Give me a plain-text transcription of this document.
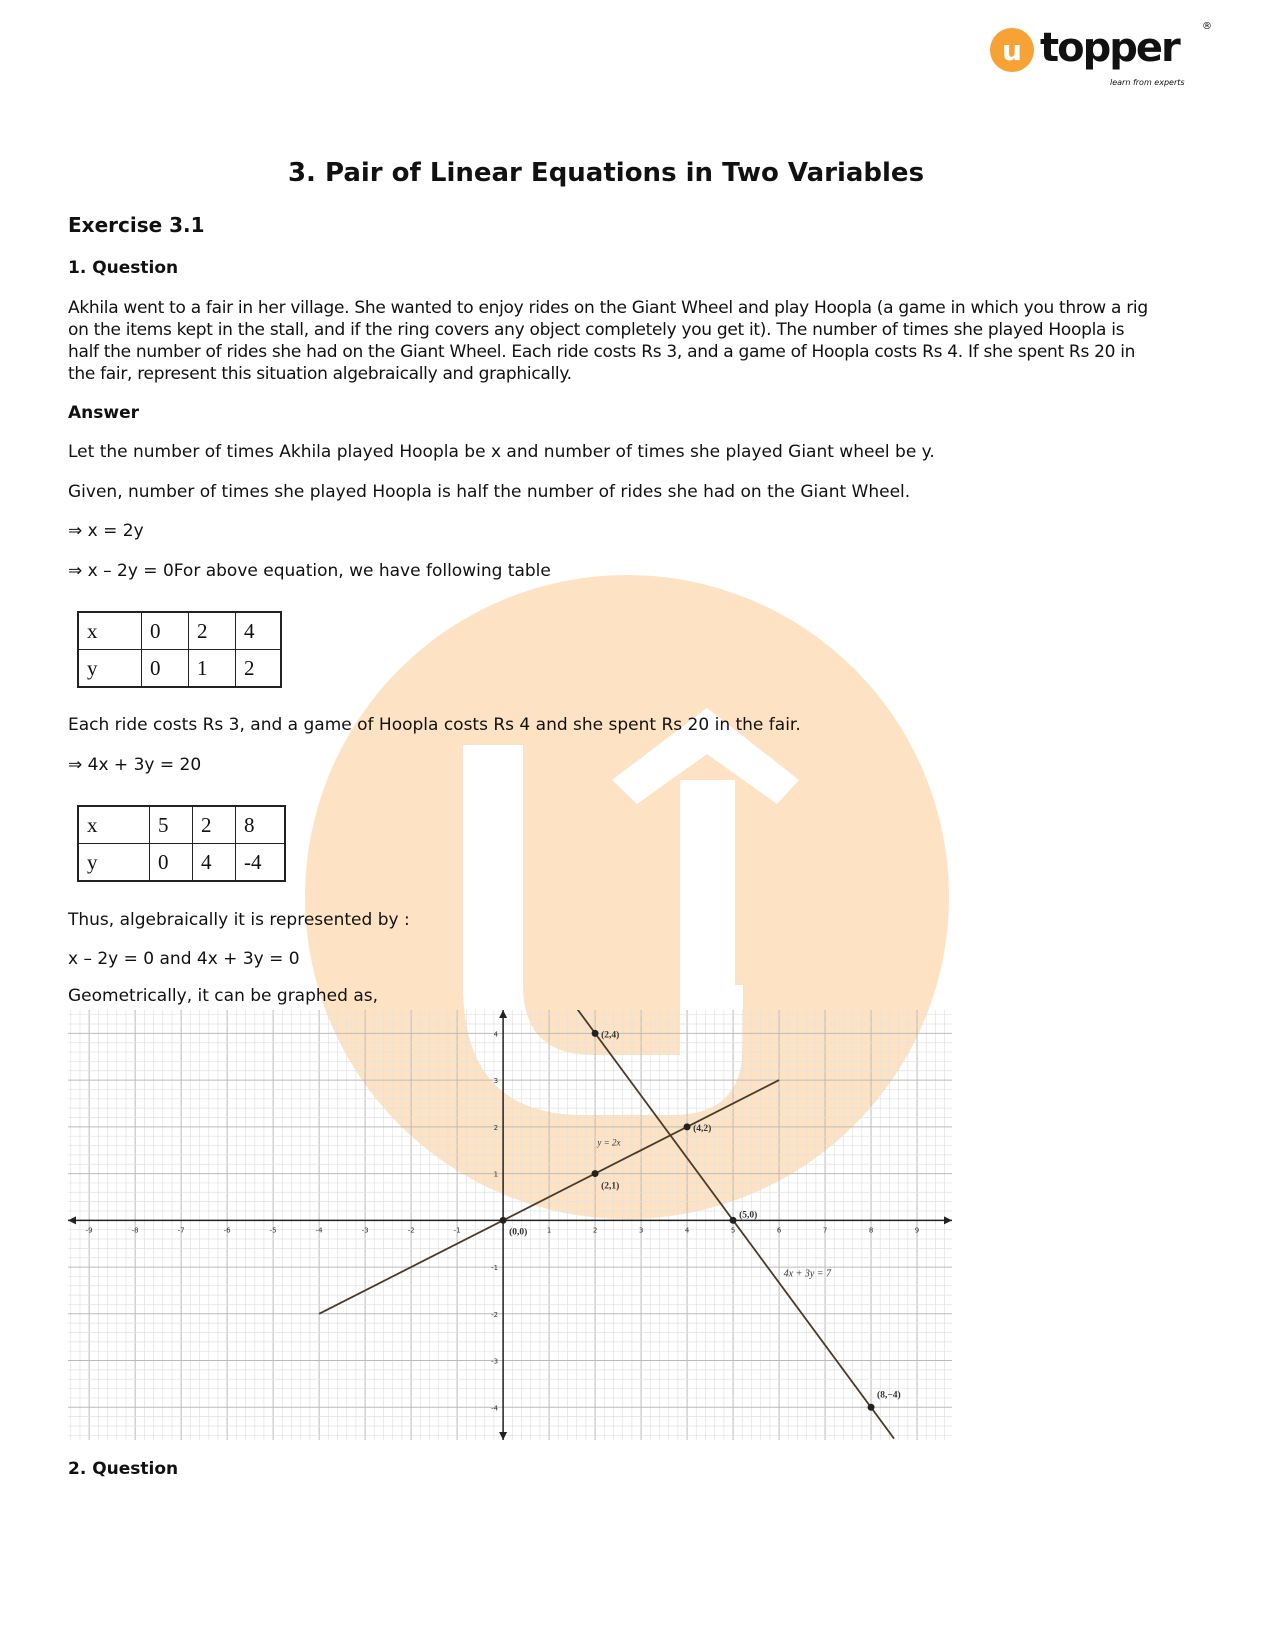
u topper
learn from experts
®
3. Pair of Linear Equations in Two Variables
Exercise 3.1
1. Question
Akhila went to a fair in her village. She wanted to enjoy rides on the Giant Wheel and play Hoopla (a game in which you throw a rig on the items kept in the stall, and if the ring covers any object completely you get it). The number of times she played Hoopla is half the number of rides she had on the Giant Wheel. Each ride costs Rs 3, and a game of Hoopla costs Rs 4. If she spent Rs 20 in the fair, represent this situation algebraically and graphically.
Answer
Let the number of times Akhila played Hoopla be x and number of times she played Giant wheel be y.
Given, number of times she played Hoopla is half the number of rides she had on the Giant Wheel.
⇒ x = 2y
⇒ x – 2y = 0For above equation, we have following table
x	0	2	4
y	0	1	2
Each ride costs Rs 3, and a game of Hoopla costs Rs 4 and she spent Rs 20 in the fair.
⇒ 4x + 3y = 20
x	5	2	8
y	0	4	-4
Thus, algebraically it is represented by :
x – 2y = 0 and 4x + 3y = 0
Geometrically, it can be graphed as,
-9	-8	-7	-6	-5	-4	-3	-2	-1	1	2	3	4	5	6	7	8	9
4
3
2
1
-1
-2
-3
-4
y = 2x
4x + 3y = 7
(0,0)
(2,1)
(4,2)
(2,4)
(5,0)
(8,−4)
2. Question
